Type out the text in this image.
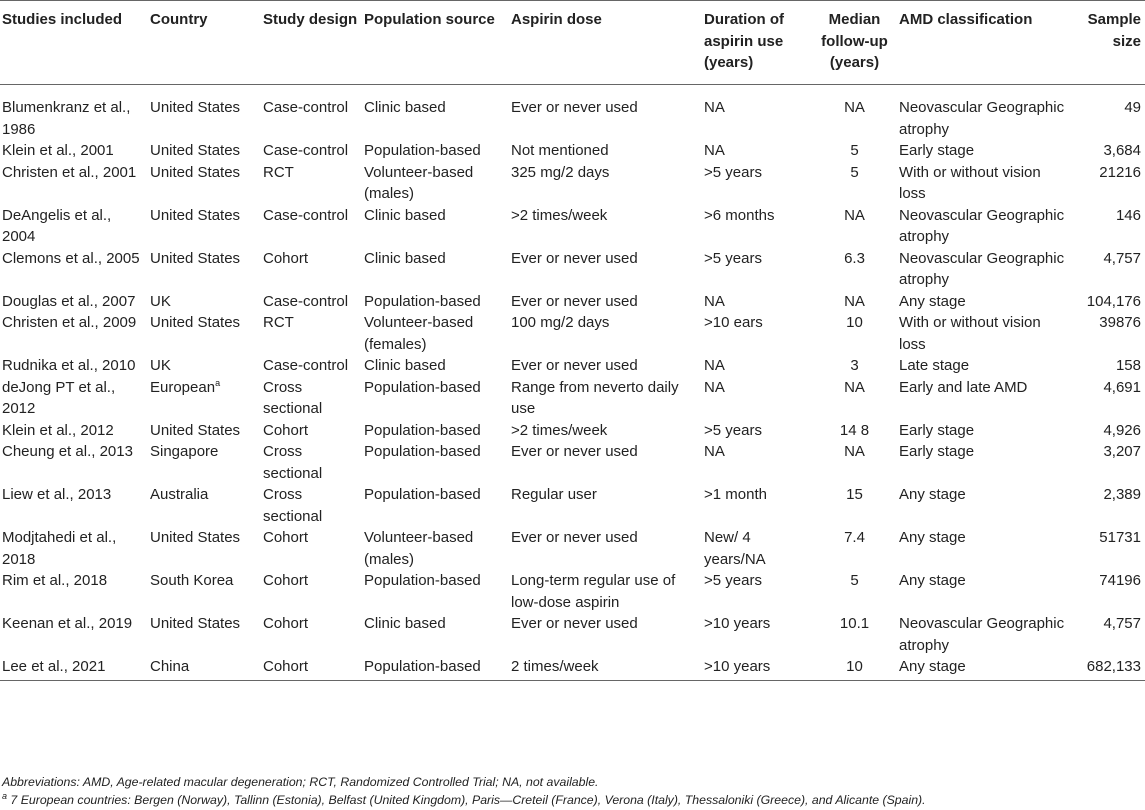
Studies included	Country	Study design	Population source	Aspirin dose	Duration of aspirin use (years)	Median follow-up (years)	AMD classification	Sample size
Blumenkranz et al., 1986	United States	Case-control	Clinic based	Ever or never used	NA	NA	Neovascular Geographic atrophy	49
Klein et al., 2001	United States	Case-control	Population-based	Not mentioned	NA	5	Early stage	3,684
Christen et al., 2001	United States	RCT	Volunteer-based (males)	325 mg/2 days	>5 years	5	With or without vision loss	21216
DeAngelis et al., 2004	United States	Case-control	Clinic based	>2 times/week	>6 months	NA	Neovascular Geographic atrophy	146
Clemons et al., 2005	United States	Cohort	Clinic based	Ever or never used	>5 years	6.3	Neovascular Geographic atrophy	4,757
Douglas et al., 2007	UK	Case-control	Population-based	Ever or never used	NA	NA	Any stage	104,176
Christen et al., 2009	United States	RCT	Volunteer-based (females)	100 mg/2 days	>10 ears	10	With or without vision loss	39876
Rudnika et al., 2010	UK	Case-control	Clinic based	Ever or never used	NA	3	Late stage	158
deJong PT et al., 2012	European$^a$	Cross sectional	Population-based	Range from neverto daily use	NA	NA	Early and late AMD	4,691
Klein et al., 2012	United States	Cohort	Population-based	>2 times/week	>5 years	14 8	Early stage	4,926
Cheung et al., 2013	Singapore	Cross sectional	Population-based	Ever or never used	NA	NA	Early stage	3,207
Liew et al., 2013	Australia	Cross sectional	Population-based	Regular user	>1 month	15	Any stage	2,389
Modjtahedi et al., 2018	United States	Cohort	Volunteer-based (males)	Ever or never used	New/ 4 years/NA	7.4	Any stage	51731
Rim et al., 2018	South Korea	Cohort	Population-based	Long-term regular use of low-dose aspirin	>5 years	5	Any stage	74196
Keenan et al., 2019	United States	Cohort	Clinic based	Ever or never used	>10 years	10.1	Neovascular Geographic atrophy	4,757
Lee et al., 2021	China	Cohort	Population-based	2 times/week	>10 years	10	Any stage	682,133
Abbreviations: AMD, Age-related macular degeneration; RCT, Randomized Controlled Trial; NA, not available.
$^a$ 7 European countries: Bergen (Norway), Tallinn (Estonia), Belfast (United Kingdom), Paris—Creteil (France), Verona (Italy), Thessaloniki (Greece), and Alicante (Spain).
